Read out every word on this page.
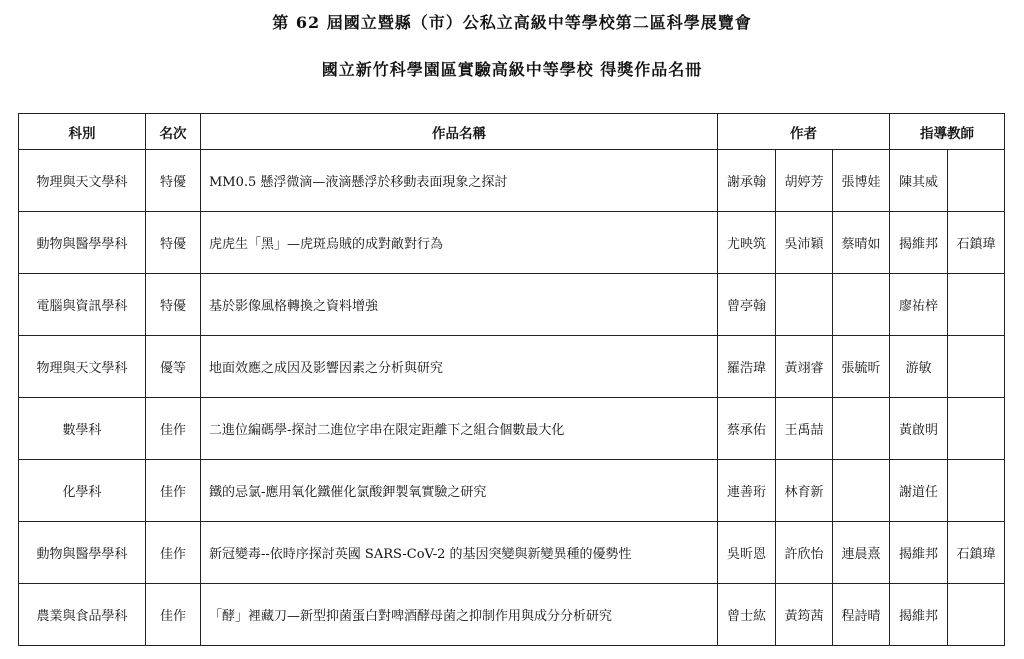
第 62 屆國立暨縣（市）公私立高級中等學校第二區科學展覽會
國立新竹科學園區實驗高級中等學校 得獎作品名冊
科別	名次	作品名稱	作者			指導教師	
物理與天文學科	特優	MM0.5 懸浮微滴—液滴懸浮於移動表面現象之探討	謝承翰	胡婷芳	張博娃	陳其威	
動物與醫學學科	特優	虎虎生「黑」—虎斑烏賊的成對敵對行為	尤映筑	吳沛穎	蔡晴如	揭維邦	石鎮瑋
電腦與資訊學科	特優	基於影像風格轉換之資料增強	曾亭翰			廖祐梓	
物理與天文學科	優等	地面效應之成因及影響因素之分析與研究	羅浩瑋	黃翊睿	張毓昕	游敏	
數學科	佳作	二進位編碼學-探討二進位字串在限定距離下之組合個數最大化	蔡承佑	王禹喆		黃啟明	
化學科	佳作	鐵的忌氯-應用氧化鐵催化氯酸鉀製氧實驗之研究	連善珩	林育新		謝道任	
動物與醫學學科	佳作	新冠變毒--依時序探討英國 SARS-CoV-2 的基因突變與新變異種的優勢性	吳昕恩	許欣怡	連晨熹	揭維邦	石鎮瑋
農業與食品學科	佳作	「酵」裡藏刀—新型抑菌蛋白對啤酒酵母菌之抑制作用與成分分析研究	曾士紘	黃筠茜	程詩晴	揭維邦	
